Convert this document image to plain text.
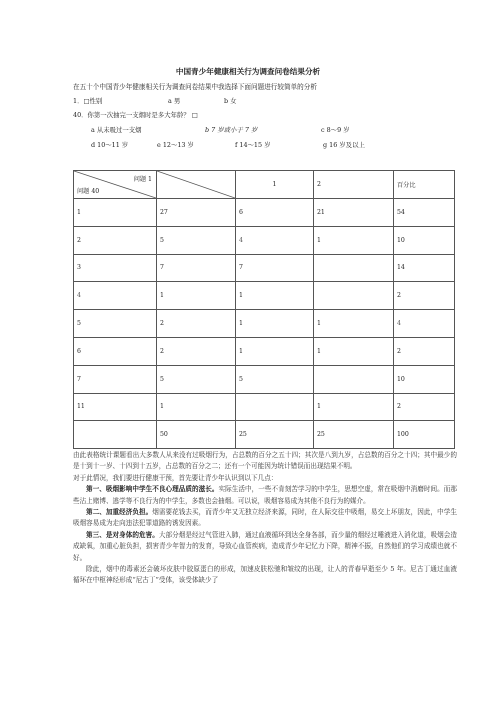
中国青少年健康相关行为调查问卷结果分析
在五十个中国青少年健康相关行为调查问卷结果中我选择下面问题进行较简单的分析
1．□性别	a 男	b 女
40．你第一次抽完一支烟时是多大年龄？ □
a 从未吸过一支烟	b 7 岁或小于 7 岁	c 8～9 岁
d 10～11 岁	e 12～13 岁	f 14～15 岁	g 16 岁及以上
问题 1
问题 40		1	2	百分比
1	27	6	21	54
2	5	4	1	10
3	7	7		14
4	1	1		2
5	2	1	1	4
6	2	1	1	2
7	5	5		10
11	1		1	2
	50	25	25	100

由此表格统计课题看出大多数人从来没有过吸烟行为，占总数的百分之五十四；其次是八到九岁，占总数的百分之十四；其中最少的是十到十一岁、十四到十五岁，占总数的百分之二；还有一个可能因为统计错误而出现结果不明。

对于此情况，我们要进行健康干预，首先要让青少年认识到以下几点：

第一、吸烟影响中学生不良心理品质的滋长。实际生活中，一些不肯刻苦学习的中学生，思想空虚，常在吸烟中消磨时间。而那些沾上赌博、逃学等不良行为的中学生，多数也会抽烟。可以说，吸烟容易成为其他不良行为的媒介。

第二、加重经济负担。烟需要花钱去买，而青少年又无独立经济来源，同时，在人际交往中吸烟，易交上坏朋友，因此，中学生吸烟容易成为走向违法犯罪道路的诱发因素。

第三、是对身体的危害。大部分烟是经过气管进入肺，通过血液循环到达全身各部，而少量的烟经过唾液进入消化道，吸烟会造成缺氧，加重心脏负担，损害青少年智力的发育，导致心血管疾病，造成青少年记忆力下降，精神不振，自然他们的学习成绩也就不好。

除此，烟中的毒素还会破坏皮肤中胶原蛋白的形成，加速皮肤松驰和皱纹的出现，让人的青春早逝至少 5 年。尼古丁通过血液循环在中枢神经形成“尼古丁”受体，该受体缺少了
